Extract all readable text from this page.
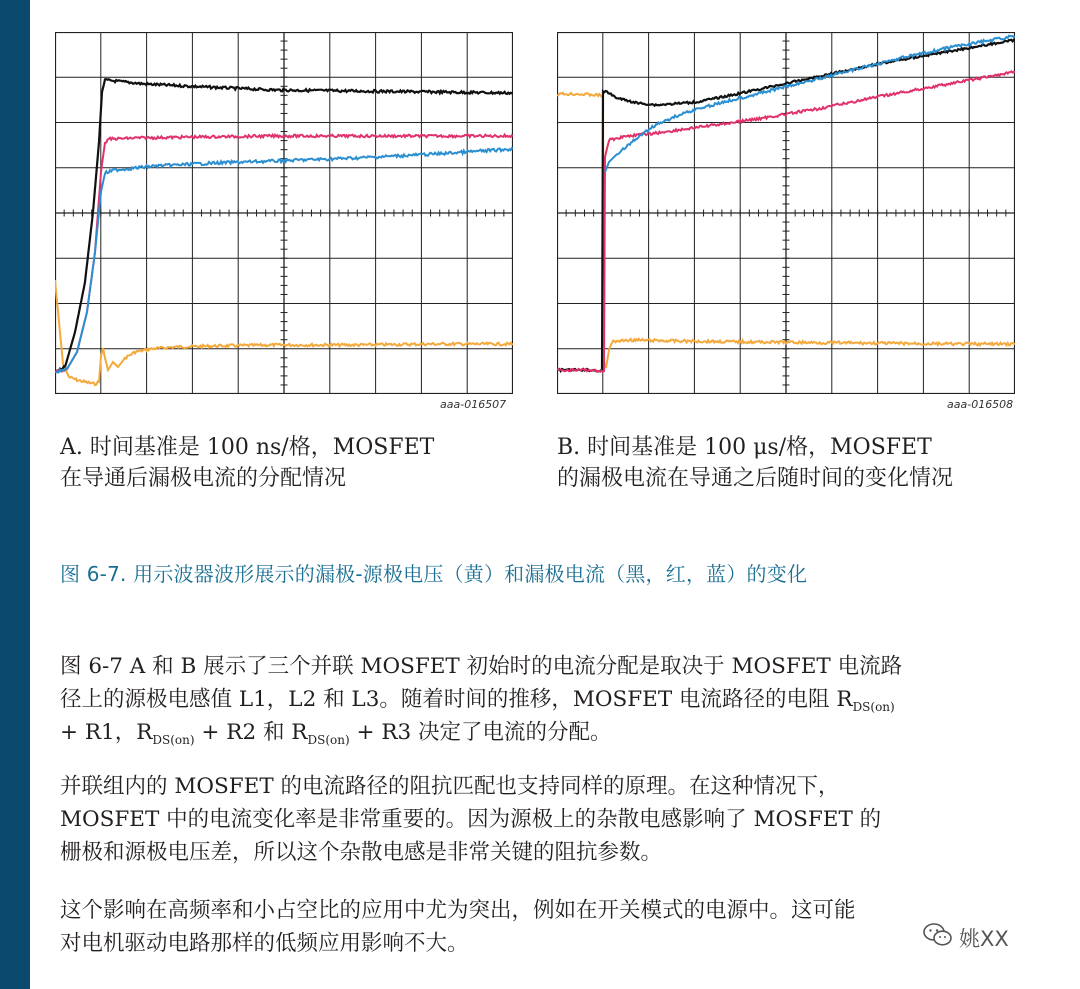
aaa-016507	aaa-016508
A. 时间基准是 100 ns/格，MOSFET
在导通后漏极电流的分配情况
B. 时间基准是 100 μs/格，MOSFET
的漏极电流在导通之后随时间的变化情况
图 6-7. 用示波器波形展示的漏极-源极电压（黄）和漏极电流（黑，红，蓝）的变化
图 6-7 A 和 B 展示了三个并联 MOSFET 初始时的电流分配是取决于 MOSFET 电流路
径上的源极电感值 L1，L2 和 L3。随着时间的推移，MOSFET 电流路径的电阻 $R_{DS(on)}$
+ R1，$R_{DS(on)} + R2$ 和 $R_{DS(on)} + R3$ 决定了电流的分配。
并联组内的 MOSFET 的电流路径的阻抗匹配也支持同样的原理。在这种情况下，
MOSFET 中的电流变化率是非常重要的。因为源极上的杂散电感影响了 MOSFET 的
栅极和源极电压差，所以这个杂散电感是非常关键的阻抗参数。
这个影响在高频率和小占空比的应用中尤为突出，例如在开关模式的电源中。这可能
对电机驱动电路那样的低频应用影响不大。	姚XX
